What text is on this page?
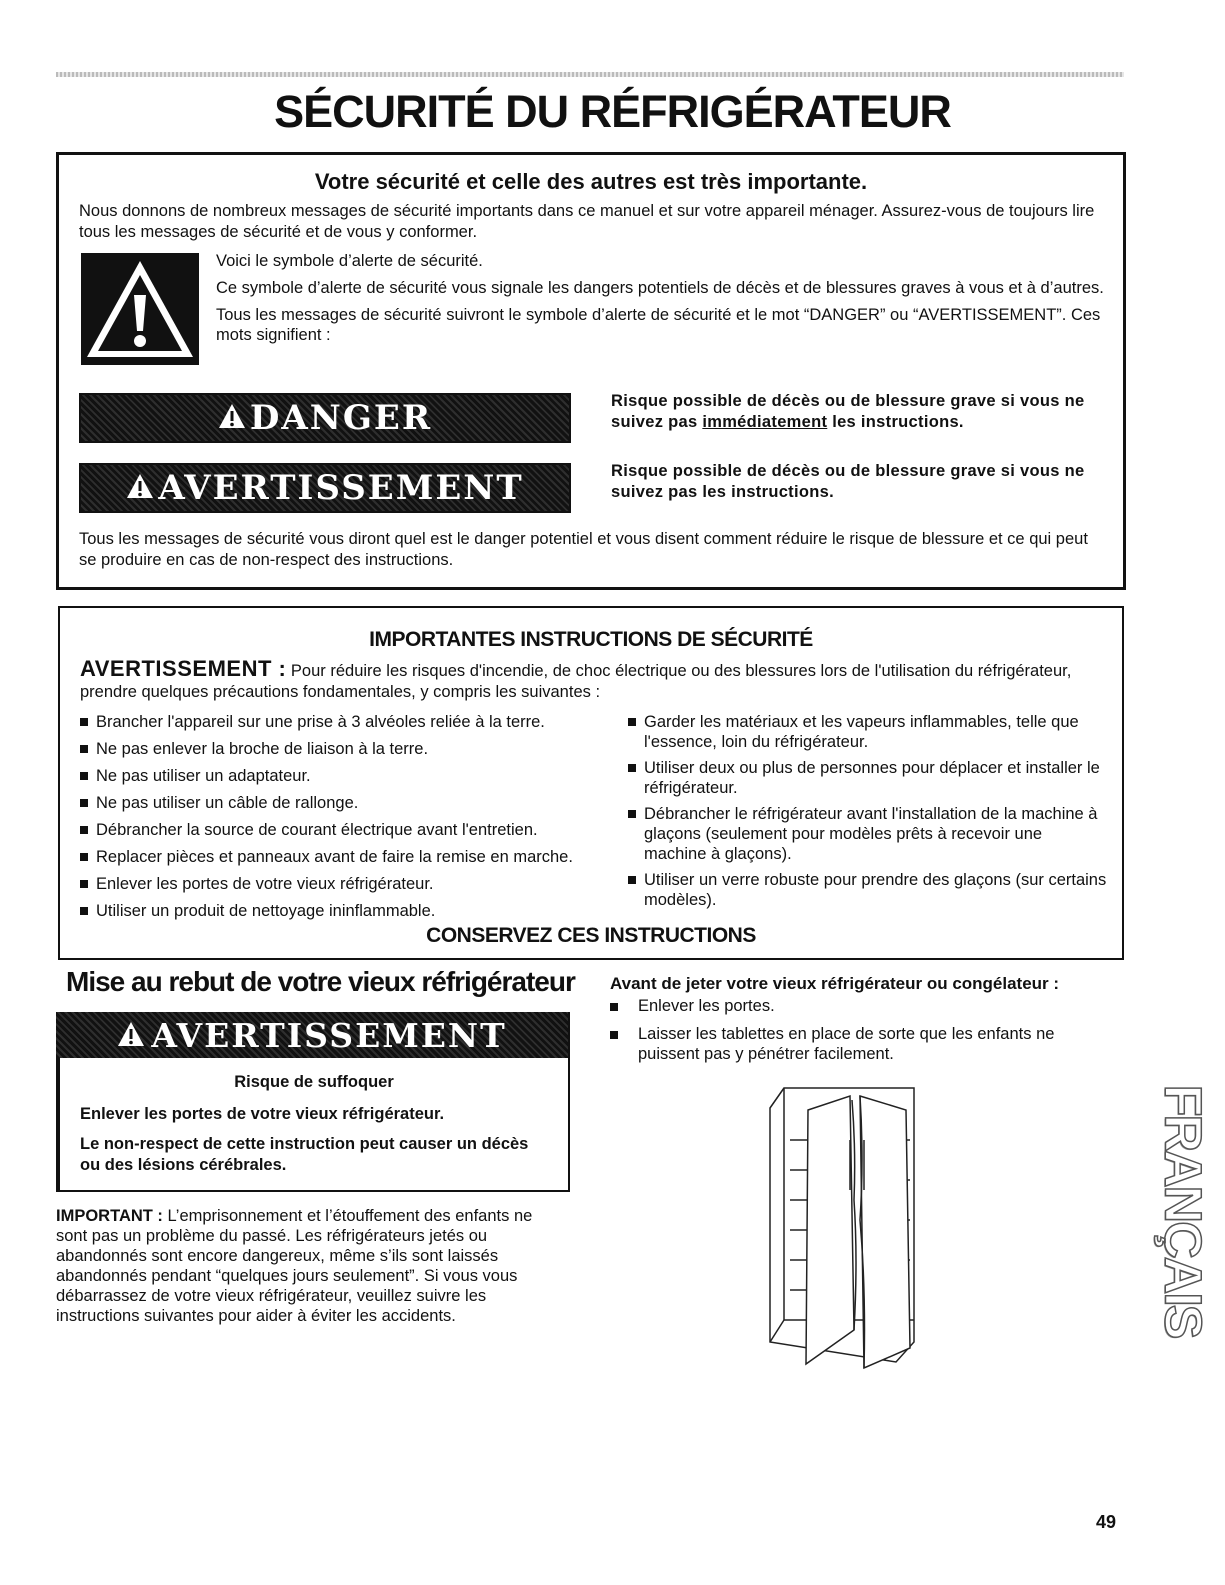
SÉCURITÉ DU RÉFRIGÉRATEUR
Votre sécurité et celle des autres est très importante.

Nous donnons de nombreux messages de sécurité importants dans ce manuel et sur votre appareil ménager. Assurez-vous de toujours lire tous les messages de sécurité et de vous y conformer.

Voici le symbole d’alerte de sécurité.

Ce symbole d’alerte de sécurité vous signale les dangers potentiels de décès et de blessures graves à vous et à d’autres.

Tous les messages de sécurité suivront le symbole d’alerte de sécurité et le mot “DANGER” ou “AVERTISSEMENT”. Ces mots signifient :

DANGER	Risque possible de décès ou de blessure grave si vous ne suivez pas immédiatement les instructions.

AVERTISSEMENT	Risque possible de décès ou de blessure grave si vous ne suivez pas les instructions.

Tous les messages de sécurité vous diront quel est le danger potentiel et vous disent comment réduire le risque de blessure et ce qui peut se produire en cas de non-respect des instructions.

IMPORTANTES INSTRUCTIONS DE SÉCURITÉ

AVERTISSEMENT : Pour réduire les risques d'incendie, de choc électrique ou des blessures lors de l'utilisation du réfrigérateur, prendre quelques précautions fondamentales, y compris les suivantes :

Brancher l'appareil sur une prise à 3 alvéoles reliée à la terre.
Ne pas enlever la broche de liaison à la terre.
Ne pas utiliser un adaptateur.
Ne pas utiliser un câble de rallonge.
Débrancher la source de courant électrique avant l'entretien.
Replacer pièces et panneaux avant de faire la remise en marche.
Enlever les portes de votre vieux réfrigérateur.
Utiliser un produit de nettoyage ininflammable.
Garder les matériaux et les vapeurs inflammables, telle que l'essence, loin du réfrigérateur.
Utiliser deux ou plus de personnes pour déplacer et installer le réfrigérateur.
Débrancher le réfrigérateur avant l'installation de la machine à glaçons (seulement pour modèles prêts à recevoir une machine à glaçons).
Utiliser un verre robuste pour prendre des glaçons (sur certains modèles).
CONSERVEZ CES INSTRUCTIONS
Mise au rebut de votre vieux réfrigérateur
AVERTISSEMENT

Risque de suffoquer

Enlever les portes de votre vieux réfrigérateur.

Le non-respect de cette instruction peut causer un décès ou des lésions cérébrales.

IMPORTANT : L’emprisonnement et l’étouffement des enfants ne sont pas un problème du passé. Les réfrigérateurs jetés ou abandonnés sont encore dangereux, même s’ils sont laissés abandonnés pendant “quelques jours seulement”. Si vous vous débarrassez de votre vieux réfrigérateur, veuillez suivre les instructions suivantes pour aider à éviter les accidents.

Avant de jeter votre vieux réfrigérateur ou congélateur :

Enlever les portes.
Laisser les tablettes en place de sorte que les enfants ne puissent pas y pénétrer facilement.
FRANÇAIS

49
